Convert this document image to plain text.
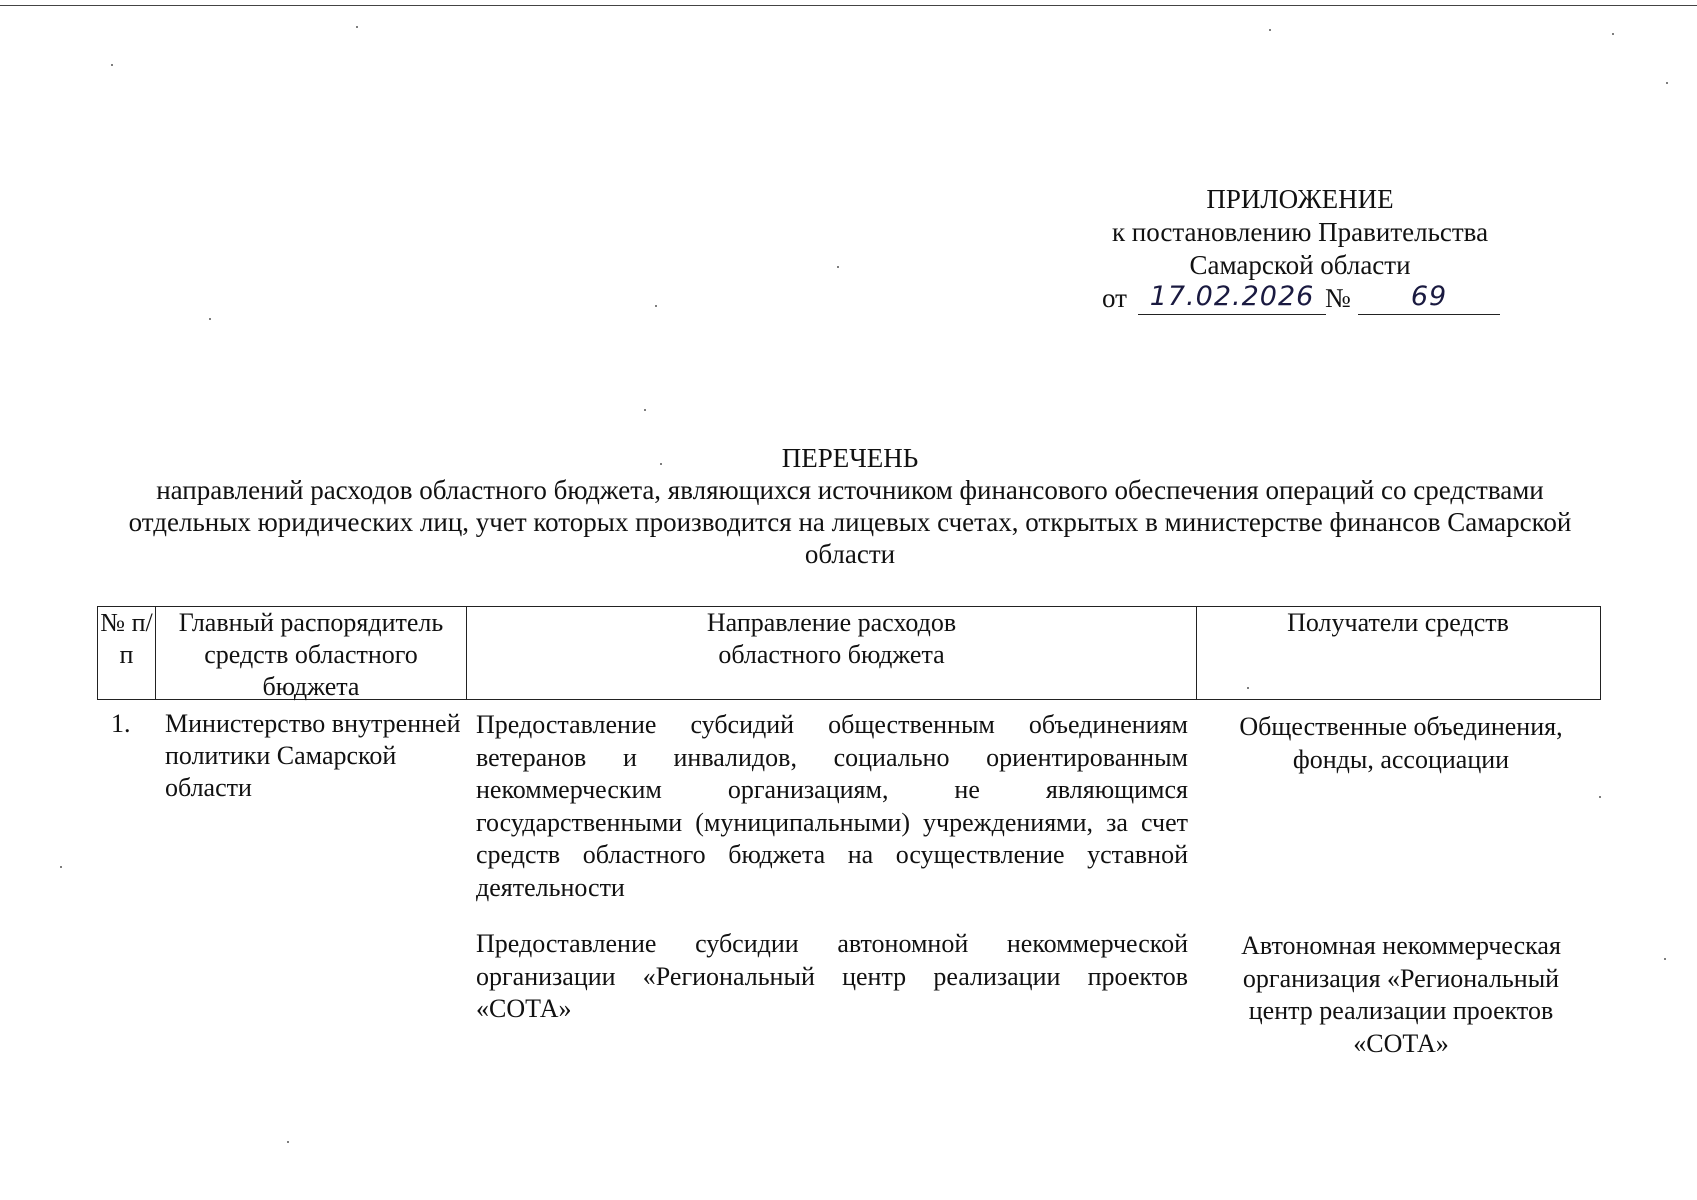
ПРИЛОЖЕНИЕ
к постановлению Правительства
Самарской области
от 17.02.2026 №	69
ПЕРЕЧЕНЬ
направлений расходов областного бюджета, являющихся источником финансового обеспечения операций со средствами отдельных юридических лиц, учет которых производится на лицевых счетах, открытых в министерстве финансов Самарской области
№ п/п
Главный распорядитель средств областного бюджета
Направление расходов областного бюджета
Получатели средств
1.	Министерство внутренней политики Самарской области
Предоставление субсидий общественным объединениям ветеранов и инвалидов, социально ориентированным некоммерческим организациям, не являющимся государственными (муниципальными) учреждениями, за счет средств областного бюджета на осуществление уставной деятельности
Общественные объединения, фонды, ассоциации
Предоставление субсидии автономной некоммерческой организации «Региональный центр реализации проектов «СОТА»
Автономная некоммерческая организация «Региональный центр реализации проектов «СОТА»
